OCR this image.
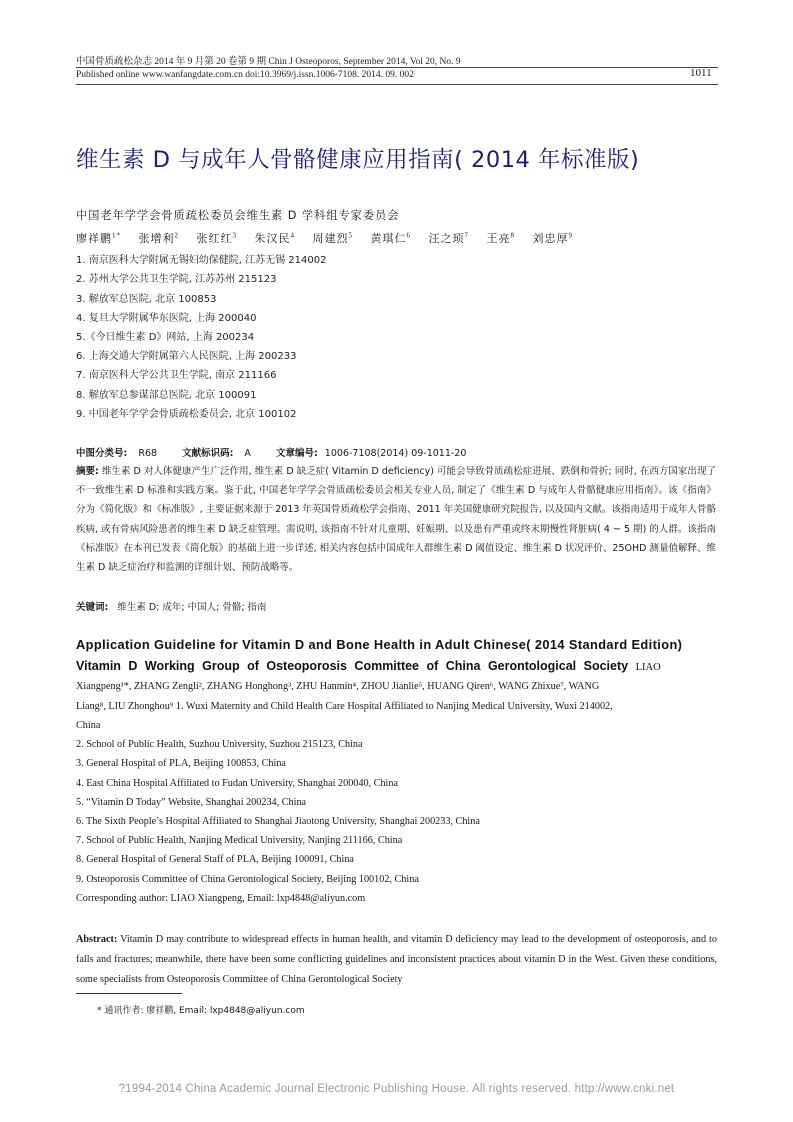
中国骨质疏松杂志 2014 年 9 月第 20 卷第 9 期 Chin J Osteoporos, September 2014, Vol 20, No. 9
Published online www.wanfangdate.com.cn doi:10.3969/j.issn.1006-7108. 2014. 09. 002	1011
维生素 D 与成年人骨骼健康应用指南( 2014 年标准版)
中国老年学学会骨质疏松委员会维生素 D 学科组专家委员会
廖祥鹏$^{1*}$ 张增利$^2$ 张红红$^3$ 朱汉民$^4$ 周建烈$^5$ 黄琪仁$^6$ 汪之顼$^7$ 王亮$^8$ 刘忠厚$^9$
1. 南京医科大学附属无锡妇幼保健院, 江苏无锡 214002
2. 苏州大学公共卫生学院, 江苏苏州 215123
3. 解放军总医院, 北京 100853
4. 复旦大学附属华东医院, 上海 200040
5.《今日维生素 D》网站, 上海 200234
6. 上海交通大学附属第六人民医院, 上海 200233
7. 南京医科大学公共卫生学院, 南京 211166
8. 解放军总参谋部总医院, 北京 100091
9. 中国老年学学会骨质疏松委员会, 北京 100102
中图分类号: R68	文献标识码: A	文章编号: 1006-7108(2014) 09-1011-20
摘要: 维生素 D 对人体健康产生广泛作用, 维生素 D 缺乏症( Vitamin D deficiency) 可能会导致骨质疏松症进展、跌倒和骨折; 同时, 在西方国家出现了不一致维生素 D 标准和实践方案。鉴于此, 中国老年学学会骨质疏松委员会相关专业人员, 制定了《维生素 D 与成年人骨骼健康应用指南》。该《指南》分为《简化版》和《标准版》, 主要证据来源于 2013 年英国骨质疏松学会指南、2011 年美国健康研究院报告, 以及国内文献。该指南适用于成年人骨骼疾病, 或有骨病风险患者的维生素 D 缺乏症管理。需说明, 该指南不针对儿童期、妊娠期、以及患有严重或终末期慢性肾脏病( 4 ~ 5 期) 的人群。该指南《标准版》在本刊已发表《简化版》的基础上进一步详述, 相关内容包括中国成年人群维生素 D 阈值设定、维生素 D 状况评价、25OHD 测量值解释、维生素 D 缺乏症治疗和监测的详细计划、预防战略等。
关键词: 维生素 D; 成年; 中国人; 骨骼; 指南
Application Guideline for Vitamin D and Bone Health in Adult Chinese( 2014 Standard Edition)
Vitamin D Working Group of Osteoporosis Committee of China Gerontological Society LIAO
Xiangpeng¹*, ZHANG Zengli², ZHANG Honghong³, ZHU Hanmin⁴, ZHOU Jianlie⁵, HUANG Qiren⁶, WANG Zhixue⁷, WANG
Liang⁸, LIU Zhonghou⁹ 1. Wuxi Maternity and Child Health Care Hospital Affiliated to Nanjing Medical University, Wuxi 214002,
China
2. School of Public Health, Suzhou University, Suzhou 215123, China
3. General Hospital of PLA, Beijing 100853, China
4. East China Hospital Affiliated to Fudan University, Shanghai 200040, China
5. “Vitamin D Today” Website, Shanghai 200234, China
6. The Sixth People’s Hospital Affiliated to Shanghai Jiaotong University, Shanghai 200233, China
7. School of Public Health, Nanjing Medical University, Nanjing 211166, China
8. General Hospital of General Staff of PLA, Beijing 100091, China
9. Osteoporosis Committee of China Gerontological Society, Beijing 100102, China
Corresponding author: LIAO Xiangpeng, Email: lxp4848@aliyun.com
Abstract: Vitamin D may contribute to widespread effects in human health, and vitamin D deficiency may lead to the development of osteoporosis, and to falls and fractures; meanwhile, there have been some conflicting guidelines and inconsistent practices about vitamin D in the West. Given these conditions, some specialists from Osteoporosis Committee of China Gerontological Society
* 通讯作者: 廖祥鹏, Email: lxp4848@aliyun.com
?1994-2014 China Academic Journal Electronic Publishing House. All rights reserved. http://www.cnki.net
